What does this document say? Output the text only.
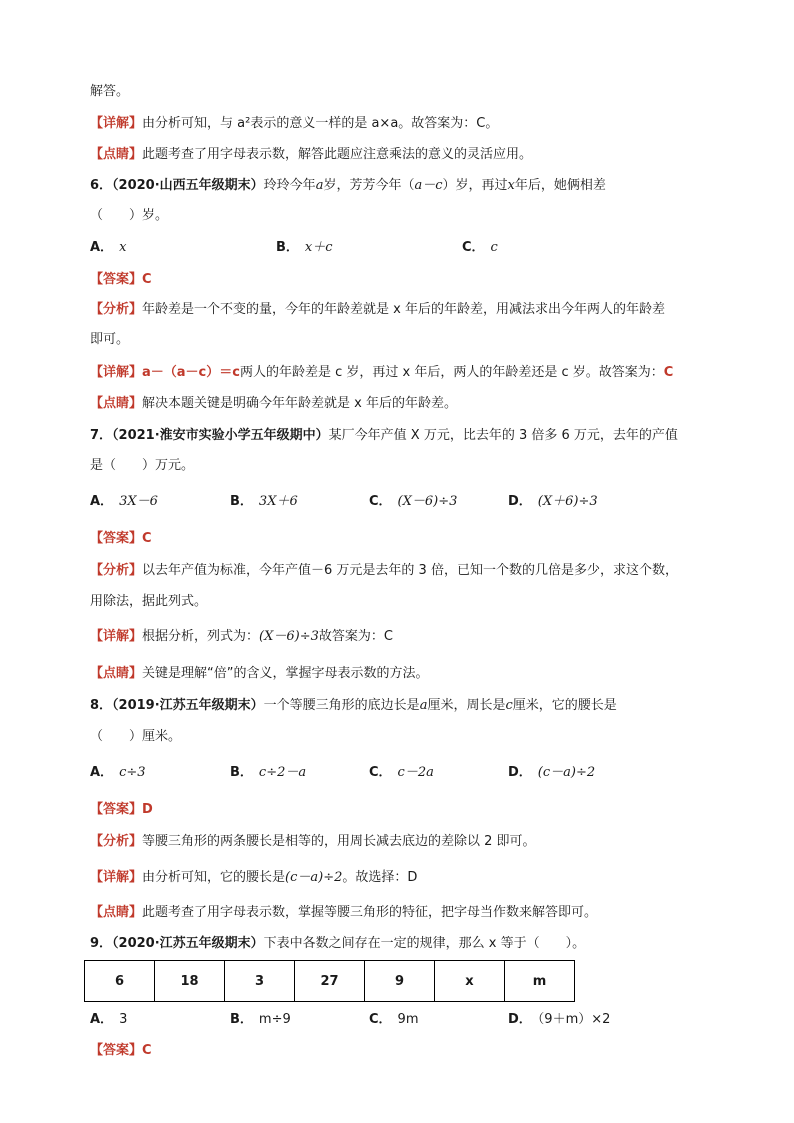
解答。
【详解】由分析可知，与 a²表示的意义一样的是 a×a。故答案为：C。
【点睛】此题考查了用字母表示数，解答此题应注意乘法的意义的灵活应用。
6．（2020·山西五年级期末）玲玲今年a岁，芳芳今年（a－c）岁，再过x年后，她俩相差
（　　）岁。
A． x	B． x＋c	C． c
【答案】C
【分析】年龄差是一个不变的量，今年的年龄差就是 x 年后的年龄差，用减法求出今年两人的年龄差
即可。
【详解】a－（a－c）＝c两人的年龄差是 c 岁，再过 x 年后，两人的年龄差还是 c 岁。故答案为：C
【点睛】解决本题关键是明确今年年龄差就是 x 年后的年龄差。
7．（2021·淮安市实验小学五年级期中）某厂今年产值 X 万元，比去年的 3 倍多 6 万元，去年的产值
是（　　）万元。
A． 3X－6	B． 3X＋6	C． (X－6)÷3	D． (X＋6)÷3
【答案】C
【分析】以去年产值为标准，今年产值－6 万元是去年的 3 倍，已知一个数的几倍是多少，求这个数，
用除法，据此列式。
【详解】根据分析，列式为：(X－6)÷3故答案为：C
【点睛】关键是理解“倍”的含义，掌握字母表示数的方法。
8．（2019·江苏五年级期末）一个等腰三角形的底边长是a厘米，周长是c厘米，它的腰长是
（　　）厘米。
A． c÷3	B． c÷2－a	C． c－2a	D． (c－a)÷2
【答案】D
【分析】等腰三角形的两条腰长是相等的，用周长减去底边的差除以 2 即可。
【详解】由分析可知，它的腰长是(c－a)÷2。故选择：D
【点睛】此题考查了用字母表示数，掌握等腰三角形的特征，把字母当作数来解答即可。
9．（2020·江苏五年级期末）下表中各数之间存在一定的规律，那么 x 等于（　　）。
6	18	3	27	9	x	m
A． 3	B． m÷9	C． 9m	D． （9＋m）×2
【答案】C
